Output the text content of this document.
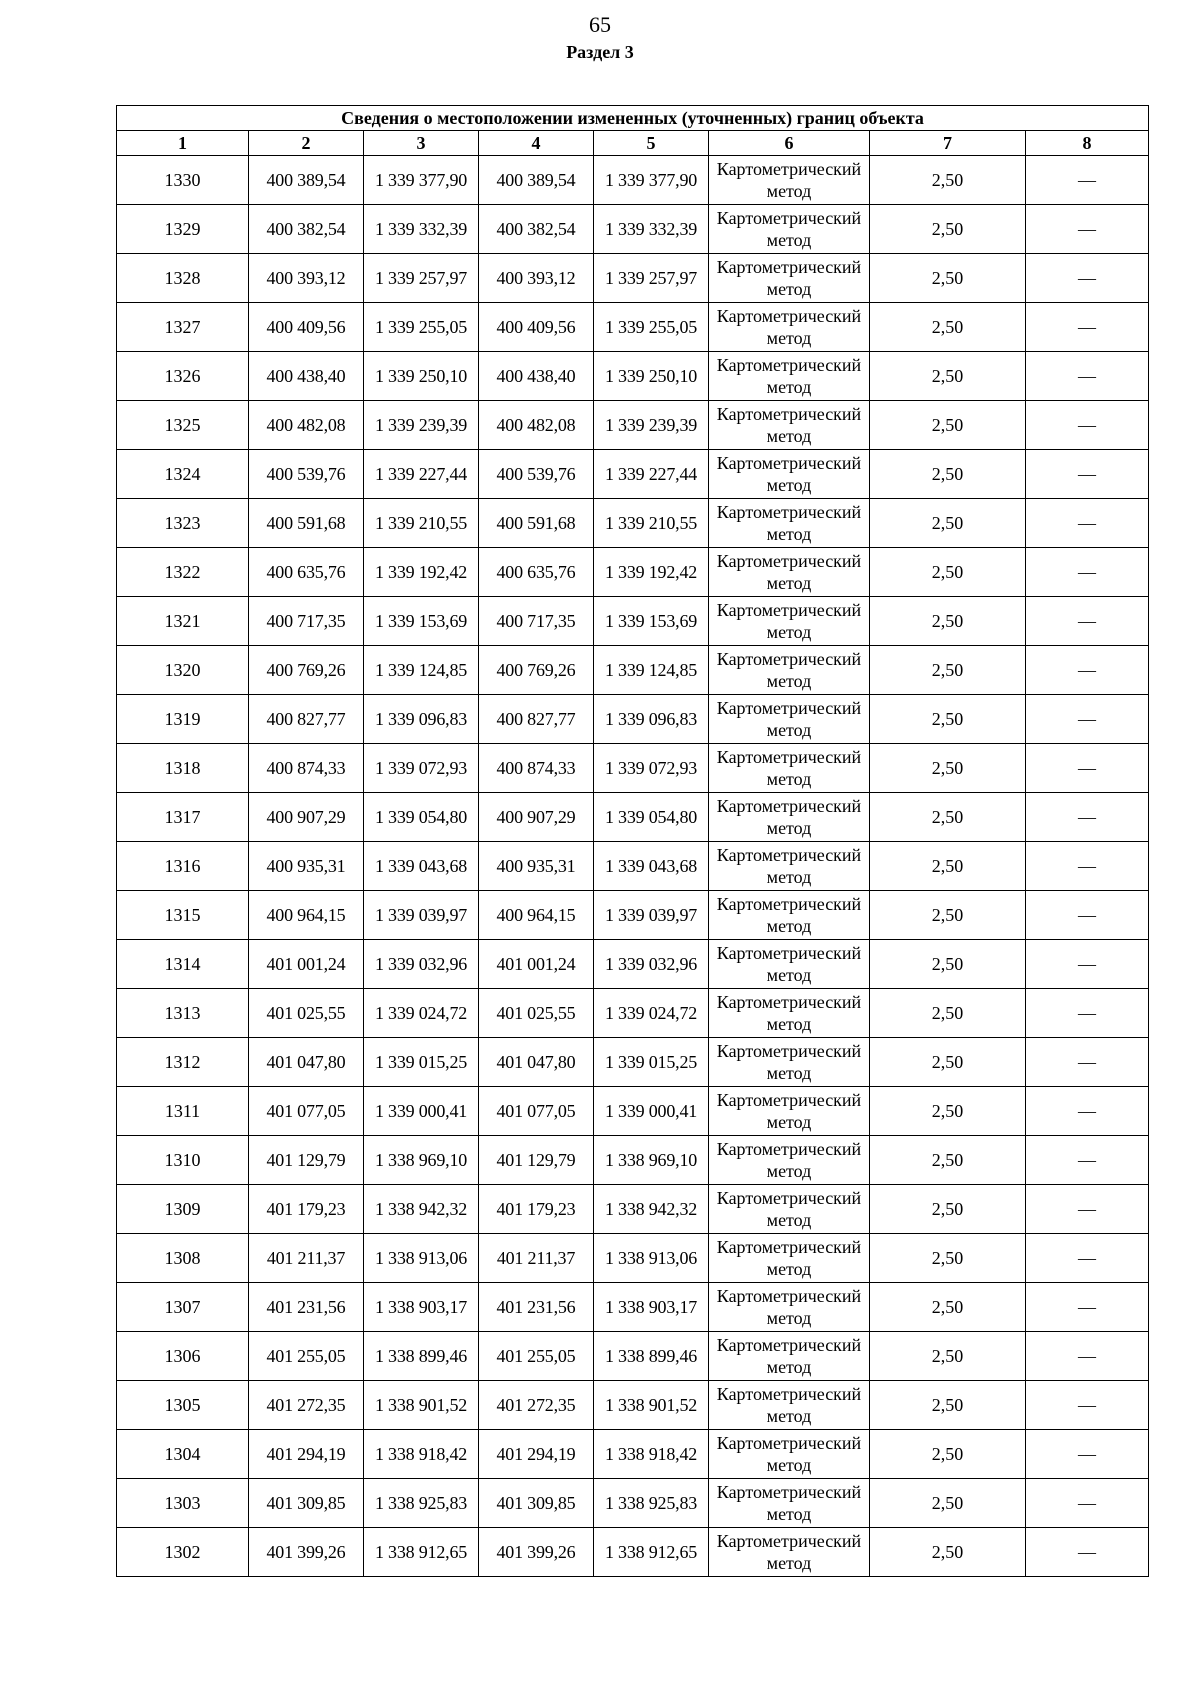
65
Раздел 3
Сведения о местоположении измененных (уточненных) границ объекта							
1	2	3	4	5	6	7	8
1330	400 389,54	1 339 377,90	400 389,54	1 339 377,90	Картометрический метод	2,50	—
1329	400 382,54	1 339 332,39	400 382,54	1 339 332,39	Картометрический метод	2,50	—
1328	400 393,12	1 339 257,97	400 393,12	1 339 257,97	Картометрический метод	2,50	—
1327	400 409,56	1 339 255,05	400 409,56	1 339 255,05	Картометрический метод	2,50	—
1326	400 438,40	1 339 250,10	400 438,40	1 339 250,10	Картометрический метод	2,50	—
1325	400 482,08	1 339 239,39	400 482,08	1 339 239,39	Картометрический метод	2,50	—
1324	400 539,76	1 339 227,44	400 539,76	1 339 227,44	Картометрический метод	2,50	—
1323	400 591,68	1 339 210,55	400 591,68	1 339 210,55	Картометрический метод	2,50	—
1322	400 635,76	1 339 192,42	400 635,76	1 339 192,42	Картометрический метод	2,50	—
1321	400 717,35	1 339 153,69	400 717,35	1 339 153,69	Картометрический метод	2,50	—
1320	400 769,26	1 339 124,85	400 769,26	1 339 124,85	Картометрический метод	2,50	—
1319	400 827,77	1 339 096,83	400 827,77	1 339 096,83	Картометрический метод	2,50	—
1318	400 874,33	1 339 072,93	400 874,33	1 339 072,93	Картометрический метод	2,50	—
1317	400 907,29	1 339 054,80	400 907,29	1 339 054,80	Картометрический метод	2,50	—
1316	400 935,31	1 339 043,68	400 935,31	1 339 043,68	Картометрический метод	2,50	—
1315	400 964,15	1 339 039,97	400 964,15	1 339 039,97	Картометрический метод	2,50	—
1314	401 001,24	1 339 032,96	401 001,24	1 339 032,96	Картометрический метод	2,50	—
1313	401 025,55	1 339 024,72	401 025,55	1 339 024,72	Картометрический метод	2,50	—
1312	401 047,80	1 339 015,25	401 047,80	1 339 015,25	Картометрический метод	2,50	—
1311	401 077,05	1 339 000,41	401 077,05	1 339 000,41	Картометрический метод	2,50	—
1310	401 129,79	1 338 969,10	401 129,79	1 338 969,10	Картометрический метод	2,50	—
1309	401 179,23	1 338 942,32	401 179,23	1 338 942,32	Картометрический метод	2,50	—
1308	401 211,37	1 338 913,06	401 211,37	1 338 913,06	Картометрический метод	2,50	—
1307	401 231,56	1 338 903,17	401 231,56	1 338 903,17	Картометрический метод	2,50	—
1306	401 255,05	1 338 899,46	401 255,05	1 338 899,46	Картометрический метод	2,50	—
1305	401 272,35	1 338 901,52	401 272,35	1 338 901,52	Картометрический метод	2,50	—
1304	401 294,19	1 338 918,42	401 294,19	1 338 918,42	Картометрический метод	2,50	—
1303	401 309,85	1 338 925,83	401 309,85	1 338 925,83	Картометрический метод	2,50	—
1302	401 399,26	1 338 912,65	401 399,26	1 338 912,65	Картометрический метод	2,50	—
